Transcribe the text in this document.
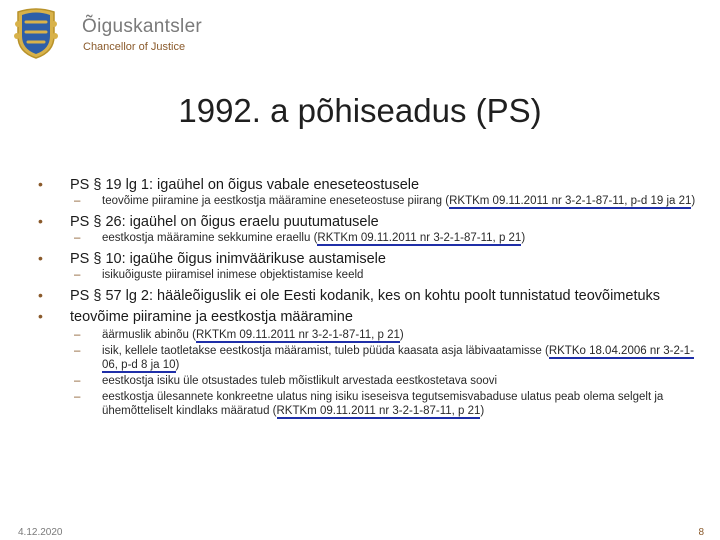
Õiguskantsler
Chancellor of Justice
1992. a põhiseadus (PS)
• PS § 19 lg 1: igaühel on õigus vabale eneseteostusele
– teovõime piiramine ja eestkostja määramine eneseteostuse piirang (RKTKm 09.11.2011 nr 3-2-1-87-11, p-d 19 ja 21)
• PS § 26: igaühel on õigus eraelu puutumatusele
– eestkostja määramine sekkumine eraellu (RKTKm 09.11.2011 nr 3-2-1-87-11, p 21)
• PS § 10: igaühe õigus inimväärikuse austamisele
– isikuõiguste piiramisel inimese objektistamise keeld
• PS § 57 lg 2: hääleõiguslik ei ole Eesti kodanik, kes on kohtu poolt tunnistatud teovõimetuks
• teovõime piiramine ja eestkostja määramine
– äärmuslik abinõu (RKTKm 09.11.2011 nr 3-2-1-87-11, p 21)
– isik, kellele taotletakse eestkostja määramist, tuleb püüda kaasata asja läbivaatamisse (RKTKo 18.04.2006 nr 3-2-1-06, p-d 8 ja 10)
– eestkostja isiku üle otsustades tuleb mõistlikult arvestada eestkostetava soovi
– eestkostja ülesannete konkreetne ulatus ning isiku iseseisva tegutsemisvabaduse ulatus peab olema selgelt ja ühemõtteliselt kindlaks määratud (RKTKm 09.11.2011 nr 3-2-1-87-11, p 21)
4.12.2020	8
